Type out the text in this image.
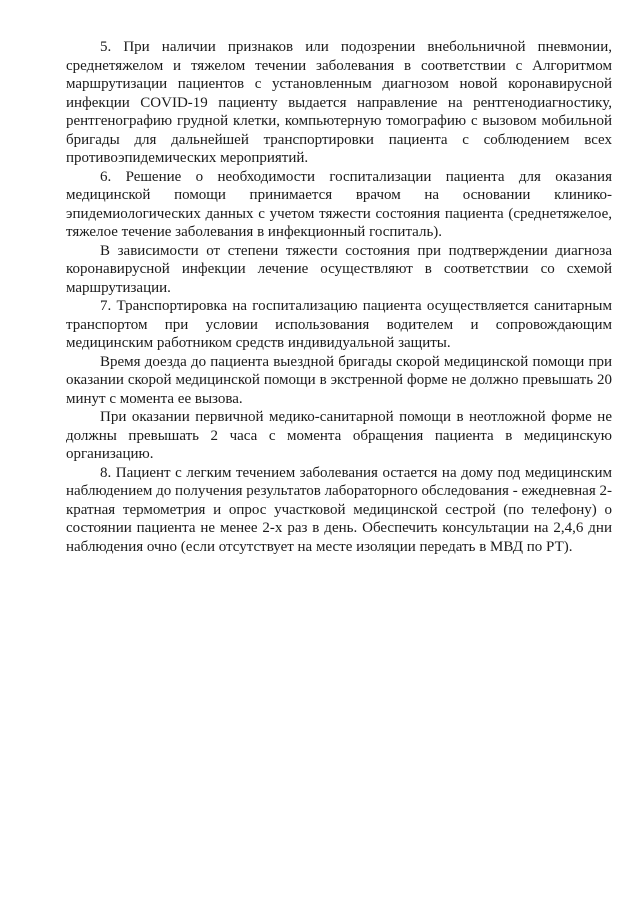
5. При наличии признаков или подозрении внебольничной пневмонии, среднетяжелом и тяжелом течении заболевания в соответствии с Алгоритмом маршрутизации пациентов с установленным диагнозом новой коронавирусной инфекции COVID-19 пациенту выдается направление на рентгенодиагностику, рентгенографию грудной клетки, компьютерную томографию с вызовом мобильной бригады для дальнейшей транспортировки пациента с соблюдением всех противоэпидемических мероприятий.

6. Решение о необходимости госпитализации пациента для оказания медицинской помощи принимается врачом на основании клинико-эпидемиологических данных с учетом тяжести состояния пациента (среднетяжелое, тяжелое течение заболевания в инфекционный госпиталь).

В зависимости от степени тяжести состояния при подтверждении диагноза коронавирусной инфекции лечение осуществляют в соответствии со схемой маршрутизации.

7. Транспортировка на госпитализацию пациента осуществляется санитарным транспортом при условии использования водителем и сопровождающим медицинским работником средств индивидуальной защиты.

Время доезда до пациента выездной бригады скорой медицинской помощи при оказании скорой медицинской помощи в экстренной форме не должно превышать 20 минут с момента ее вызова.

При оказании первичной медико-санитарной помощи в неотложной форме не должны превышать 2 часа с момента обращения пациента в медицинскую организацию.

8. Пациент с легким течением заболевания остается на дому под медицинским наблюдением до получения результатов лабораторного обследования - ежедневная 2-кратная термометрия и опрос участковой медицинской сестрой (по телефону) о состоянии пациента не менее 2-х раз в день. Обеспечить консультации на 2,4,6 дни наблюдения очно (если отсутствует на месте изоляции передать в МВД по РТ).
